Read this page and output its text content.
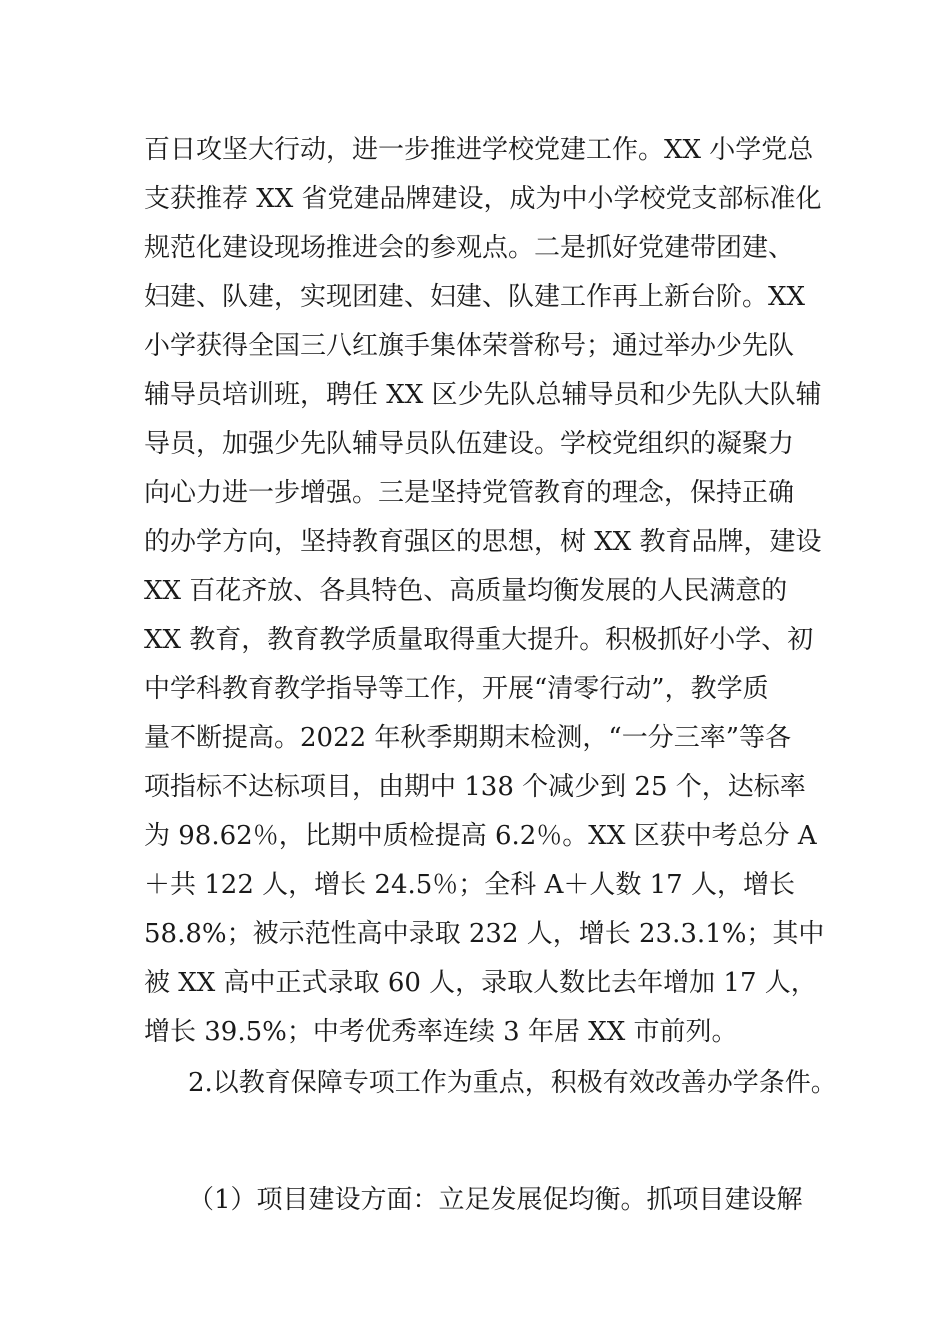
百日攻坚大行动，进一步推进学校党建工作。XX 小学党总
支获推荐 XX 省党建品牌建设，成为中小学校党支部标准化
规范化建设现场推进会的参观点。二是抓好党建带团建、
妇建、队建，实现团建、妇建、队建工作再上新台阶。XX
小学获得全国三八红旗手集体荣誉称号；通过举办少先队
辅导员培训班，聘任 XX 区少先队总辅导员和少先队大队辅
导员，加强少先队辅导员队伍建设。学校党组织的凝聚力
向心力进一步增强。三是坚持党管教育的理念，保持正确
的办学方向，坚持教育强区的思想，树 XX 教育品牌，建设
XX 百花齐放、各具特色、高质量均衡发展的人民满意的
XX 教育，教育教学质量取得重大提升。积极抓好小学、初
中学科教育教学指导等工作，开展“清零行动”，教学质
量不断提高。2022 年秋季期期末检测，“一分三率”等各
项指标不达标项目，由期中 138 个减少到 25 个，达标率
为 98.62％，比期中质检提高 6.2％。XX 区获中考总分 A
＋共 122 人，增长 24.5％；全科 A＋人数 17 人，增长
58.8%；被示范性高中录取 232 人，增长 23.3.1%；其中
被 XX 高中正式录取 60 人，录取人数比去年增加 17 人，
增长 39.5%；中考优秀率连续 3 年居 XX 市前列。
2.以教育保障专项工作为重点，积极有效改善办学条件。
（1）项目建设方面：立足发展促均衡。抓项目建设解
